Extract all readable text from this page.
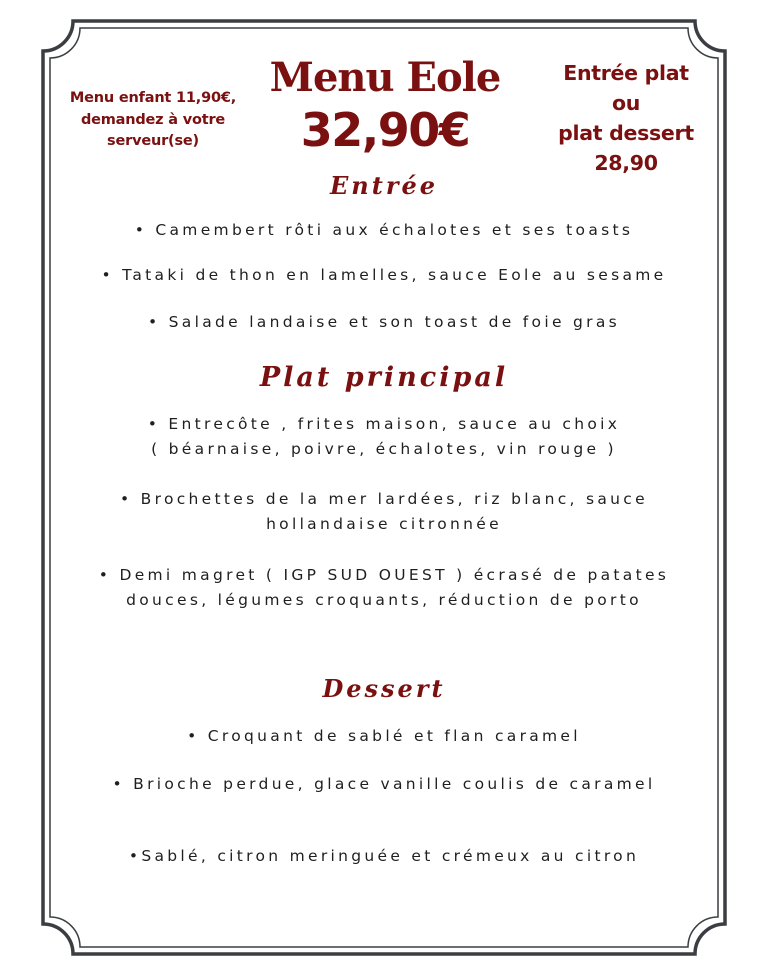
Menu enfant 11,90€,
demandez à votre
serveur(se)
Menu Eole
32,90€
Entrée plat
ou
plat dessert
28,90
Entrée
• Camembert rôti aux échalotes et ses toasts
• Tataki de thon en lamelles, sauce Eole au sesame
• Salade landaise et son toast de foie gras
Plat principal
• Entrecôte , frites maison, sauce au choix
( béarnaise, poivre, échalotes, vin rouge )
• Brochettes de la mer lardées, riz blanc, sauce
hollandaise citronnée
• Demi magret ( IGP SUD OUEST ) écrasé de patates
douces, légumes croquants, réduction de porto
Dessert
• Croquant de sablé et flan caramel
• Brioche perdue, glace vanille coulis de caramel
•Sablé, citron meringuée et crémeux au citron
